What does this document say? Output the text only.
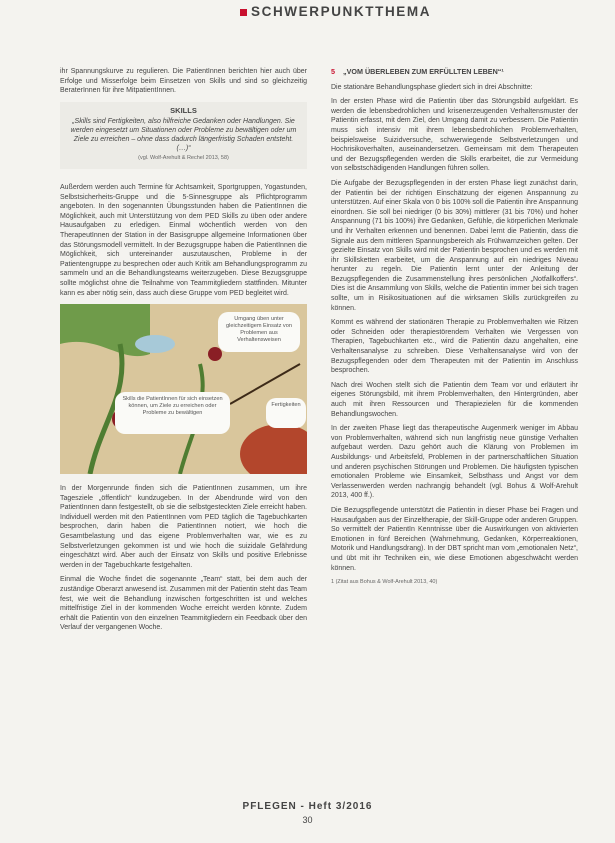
SCHWERPUNKTTHEMA

ihr Spannungskurve zu regulieren. Die PatientInnen berichten hier auch über Erfolge und Misserfolge beim Einsetzen von Skills und sind so gleichzeitig BeraterInnen für ihre MitpatientInnen.

SKILLS
„Skills sind Fertigkeiten, also hilfreiche Gedanken oder Handlungen. Sie werden eingesetzt um Situationen oder Probleme zu bewältigen oder um Ziele zu erreichen – ohne dass dadurch längerfristig Schaden entsteht. (…)“
(vgl. Wolf-Arehult & Rechel 2013, 58)

Außerdem werden auch Termine für Achtsamkeit, Sportgruppen, Yogastunden, Selbstsicherheits-Gruppe und die 5-Sinnesgruppe als Pflichtprogramm angeboten. In den sogenannten Übungsstunden haben die PatientInnen die Möglichkeit, auch mit Unterstützung von dem PED Skills zu üben oder andere Hausaufgaben zu erledigen. Einmal wöchentlich werden von den TherapeutInnen der Station in der Basisgruppe allgemeine Informationen über das Störungsmodell vermittelt. In der Bezugsgruppe haben die PatientInnen die Möglichkeit, sich untereinander auszutauschen, Probleme in der Patientengruppe zu besprechen oder auch Kritik am Behandlungsprogramm zu sammeln und an die Behandlungsteams weiterzugeben. Diese Bezugsgruppe sollte möglichst ohne die Teilnahme von Teammitgliedern stattfinden. Mitunter kann es aber nötig sein, dass auch diese Gruppe vom PED begleitet wird.

Umgang üben unter gleichzeitigem Einsatz von Problemen aus Verhaltensweisen
Skills die PatientInnen für sich einsetzen können, um Ziele zu erreichen oder Probleme zu bewältigen
Fertigkeiten

In der Morgenrunde finden sich die PatientInnen zusammen, um ihre Tagesziele „öffentlich“ kundzugeben. In der Abendrunde wird von den PatientInnen dann festgestellt, ob sie die selbstgesteckten Ziele erreicht haben. Individuell werden mit den PatientInnen vom PED täglich die Tagebuchkarten besprochen, darin haben die PatientInnen notiert, wie hoch die Gesamtbelastung und das eigene Problemverhalten war, wie es zu Selbstverletzungen gekommen ist und wie hoch die suizidale Gefährdung eingeschätzt wird. Aber auch der Einsatz von Skills und positive Erlebnisse werden in der Tagebuchkarte festgehalten.

Einmal die Woche findet die sogenannte „Team“ statt, bei dem auch der zuständige Oberarzt anwesend ist. Zusammen mit der Patientin steht das Team fest, wie weit die Behandlung inzwischen fortgeschritten ist und welches mittelfristige Ziel in der kommenden Woche erreicht werden könnte. Zudem erhält die Patientin von den einzelnen Teammitgliedern ein Feedback über den Verlauf der vergangenen Woche.

5 „VOM ÜBERLEBEN ZUM ERFÜLLTEN LEBEN“¹

Die stationäre Behandlungsphase gliedert sich in drei Abschnitte:

In der ersten Phase wird die Patientin über das Störungsbild aufgeklärt. Es werden die lebensbedrohlichen und krisenerzeugenden Verhaltensmuster der Patientin erfasst, mit dem Ziel, den Umgang damit zu verbessern. Die Patientin muss sich intensiv mit ihrem lebensbedrohlichen Problemverhalten, beispielsweise Suizidversuche, schwerwiegende Selbstverletzungen und Hochrisikoverhalten, auseinandersetzen. Gemeinsam mit dem Therapeuten und der Bezugspflegenden werden die Skills erarbeitet, die zur Vermeidung von selbstschädigenden Handlungen führen sollen.

Die Aufgabe der Bezugspflegenden in der ersten Phase liegt zunächst darin, der Patientin bei der richtigen Einschätzung der eigenen Anspannung zu unterstützen. Auf einer Skala von 0 bis 100% soll die Patientin ihre Anspannung einordnen. Sie soll bei niedriger (0 bis 30%) mittlerer (31 bis 70%) und hoher Anspannung (71 bis 100%) ihre Gedanken, Gefühle, die körperlichen Merkmale und ihr Verhalten erkennen und benennen. Dabei lernt die Patientin, dass die Signale aus dem mittleren Spannungsbereich als Frühwarnzeichen gelten. Der gezielte Einsatz von Skills wird mit der Patientin besprochen und es werden mit ihr Skillsketten erarbeitet, um die Anspannung auf ein niedriges Niveau herunter zu regeln. Die Patientin lernt unter der Anleitung der Bezugspflegenden die Zusammenstellung ihres persönlichen „Notfallkoffers“. Dies ist die Ansammlung von Skills, welche die Patientin immer bei sich tragen sollte, um in Risikosituationen auf die wirksamen Skills zurückgreifen zu können.

Kommt es während der stationären Therapie zu Problemverhalten wie Ritzen oder Schneiden oder therapiestörendem Verhalten wie Vergessen von Therapien, Tagebuchkarten etc., wird die Patientin dazu angehalten, eine Verhaltensanalyse zu schreiben. Diese Verhaltensanalyse wird von der Bezugspflegenden oder dem Therapeuten mit der Patientin im Anschluss besprochen.

Nach drei Wochen stellt sich die Patientin dem Team vor und erläutert ihr eigenes Störungsbild, mit ihrem Problemverhalten, den Hintergründen, aber auch mit ihren Ressourcen und Therapiezielen für die kommenden Behandlungswochen.

In der zweiten Phase liegt das therapeutische Augenmerk weniger im Abbau von Problemverhalten, während sich nun langfristig neue günstige Verhalten aufgebaut werden. Dazu gehört auch die Klärung von Problemen im Ausbildungs- und Arbeitsfeld, Problemen in der partnerschaftlichen Situation und anderen psychischen Störungen und Problemen. Die häufigsten typischen emotionalen Probleme wie Einsamkeit, Selbsthass und Angst vor dem Verlassenwerden werden nachrangig behandelt (vgl. Bohus & Wolf-Arehult 2013, 400 ff.).

Die Bezugspflegende unterstützt die Patientin in dieser Phase bei Fragen und Hausaufgaben aus der Einzeltherapie, der Skill-Gruppe oder anderen Gruppen. So vermittelt der PatientIn Kenntnisse über die Auswirkungen von aktivierten Emotionen in fünf Bereichen (Wahrnehmung, Gedanken, Körperreaktionen, Motorik und Handlungsdrang). In der DBT spricht man vom „emotionalen Netz“, und übt mit ihr Techniken ein, wie diese Emotionen abgeschwächt werden können.

1 (Zitat aus Bohus & Wolf-Arehult 2013, 40)
PFLEGEN - Heft 3/2016
30
